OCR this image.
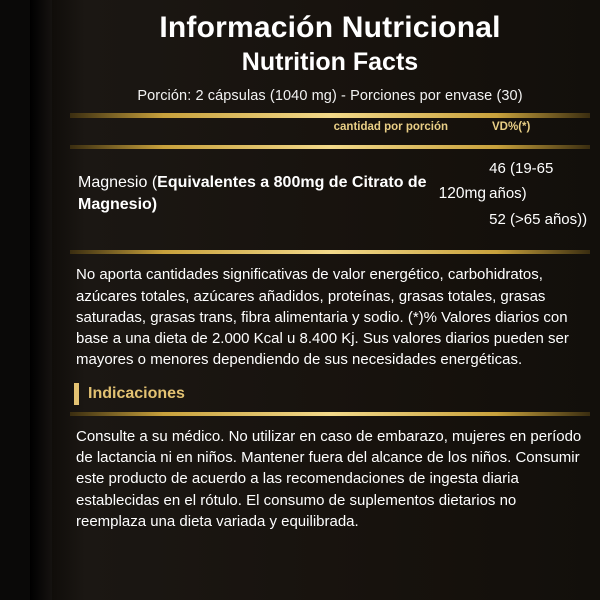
Información Nutricional
Nutrition Facts
Porción: 2 cápsulas (1040 mg) - Porciones por envase (30)
cantidad por porción	VD%(*)
Magnesio (Equivalentes a 800mg de Citrato de Magnesio)
120mg
46 (19-65 años)
52 (>65 años))
No aporta cantidades significativas de valor energético, carbohidratos, azúcares totales, azúcares añadidos, proteínas, grasas totales, grasas saturadas, grasas trans, fibra alimentaria y sodio. (*)% Valores diarios con base a una dieta de 2.000 Kcal u 8.400 Kj. Sus valores diarios pueden ser mayores o menores dependiendo de sus necesidades energéticas.
Indicaciones
Consulte a su médico. No utilizar en caso de embarazo, mujeres en período de lactancia ni en niños. Mantener fuera del alcance de los niños. Consumir este producto de acuerdo a las recomendaciones de ingesta diaria establecidas en el rótulo. El consumo de suplementos dietarios no reemplaza una dieta variada y equilibrada.
